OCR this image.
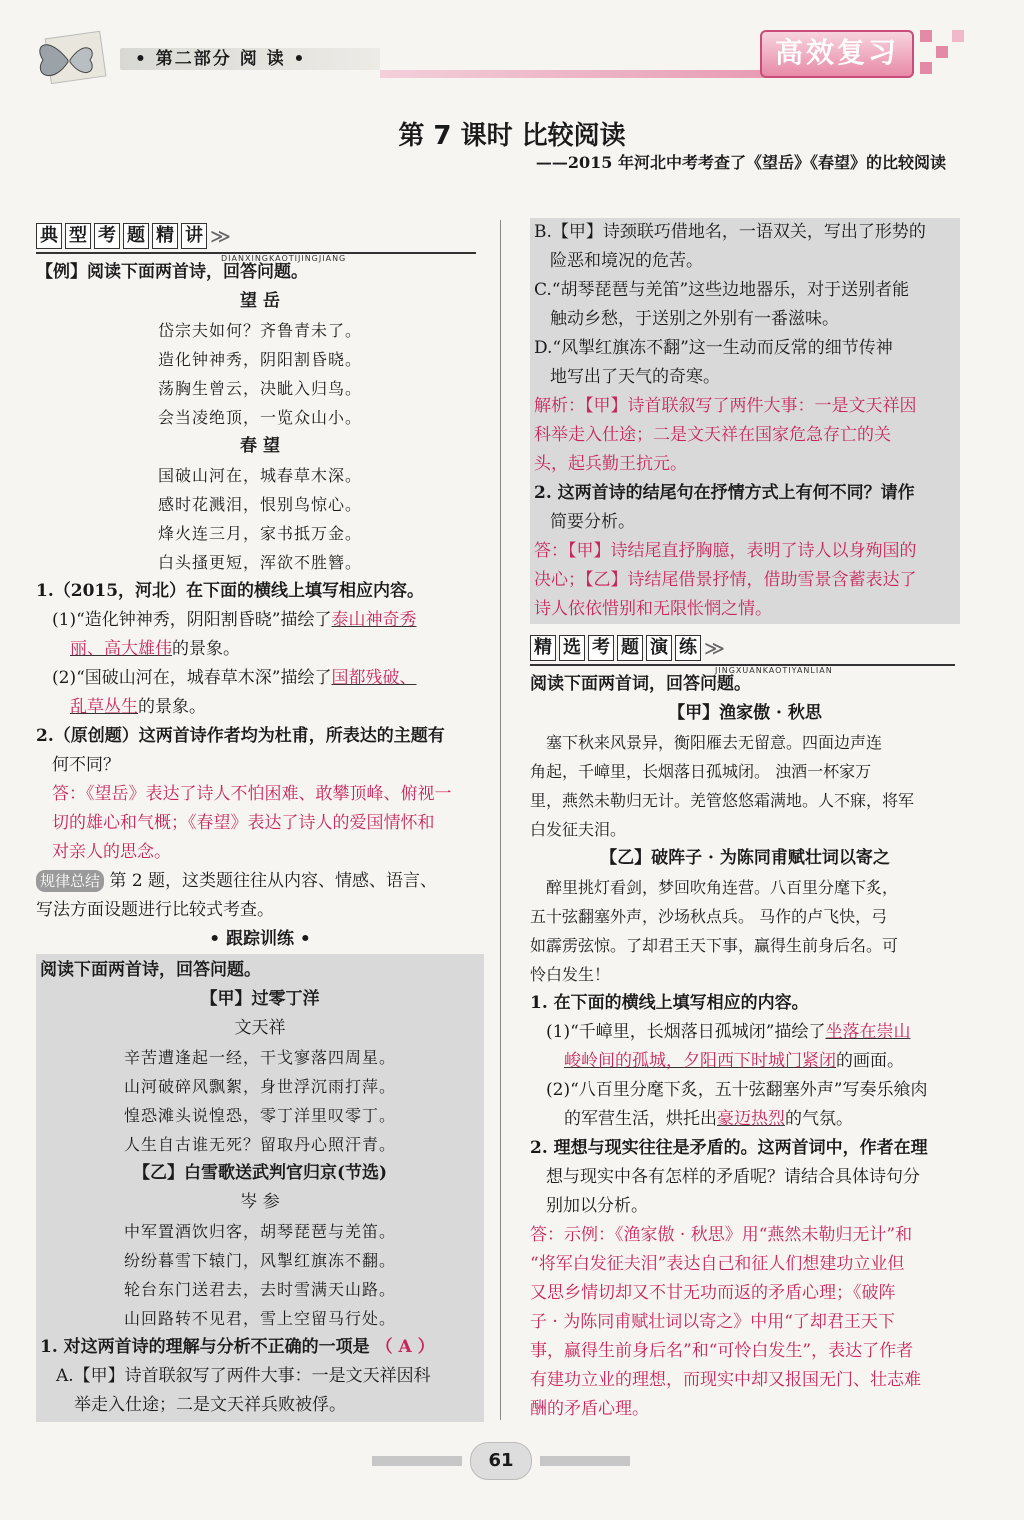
• 第二部分 阅 读 •	高效复习
第 7 课时 比较阅读
——2015 年河北中考考查了《望岳》《春望》的比较阅读
典 型 考 题 精 讲 ≫
DIANXINGKAOTIJINGJIANG

【例】阅读下面两首诗，回答问题。

望 岳

岱宗夫如何？齐鲁青未了。

造化钟神秀，阴阳割昏晓。

荡胸生曾云，决眦入归鸟。

会当凌绝顶，一览众山小。

春 望

国破山河在，城春草木深。

感时花溅泪，恨别鸟惊心。

烽火连三月，家书抵万金。

白头搔更短，浑欲不胜簪。

1.（2015，河北）在下面的横线上填写相应内容。

(1)“造化钟神秀，阴阳割昏晓”描绘了泰山神奇秀

丽、高大雄伟的景象。

(2)“国破山河在，城春草木深”描绘了国都残破、

乱草丛生的景象。

2.（原创题）这两首诗作者均为杜甫，所表达的主题有

何不同？

答：《望岳》表达了诗人不怕困难、敢攀顶峰、俯视一

切的雄心和气概；《春望》表达了诗人的爱国情怀和

对亲人的思念。

规律总结 第 2 题，这类题往往从内容、情感、语言、

写法方面设题进行比较式考查。

• 跟踪训练 •

阅读下面两首诗，回答问题。

【甲】过零丁洋

文天祥

辛苦遭逢起一经，干戈寥落四周星。

山河破碎风飘絮，身世浮沉雨打萍。

惶恐滩头说惶恐，零丁洋里叹零丁。

人生自古谁无死？留取丹心照汗青。

【乙】白雪歌送武判官归京(节选)

岑 参

中军置酒饮归客，胡琴琵琶与羌笛。

纷纷暮雪下辕门，风掣红旗冻不翻。

轮台东门送君去，去时雪满天山路。

山回路转不见君，雪上空留马行处。

1. 对这两首诗的理解与分析不正确的一项是 （ A ）

A.【甲】诗首联叙写了两件大事：一是文天祥因科

举走入仕途；二是文天祥兵败被俘。

B.【甲】诗颈联巧借地名，一语双关，写出了形势的

险恶和境况的危苦。

C.“胡琴琵琶与羌笛”这些边地器乐，对于送别者能

触动乡愁，于送别之外别有一番滋味。

D.“风掣红旗冻不翻”这一生动而反常的细节传神

地写出了天气的奇寒。

解析：【甲】诗首联叙写了两件大事：一是文天祥因

科举走入仕途；二是文天祥在国家危急存亡的关

头，起兵勤王抗元。

2. 这两首诗的结尾句在抒情方式上有何不同？请作

简要分析。

答：【甲】诗结尾直抒胸臆，表明了诗人以身殉国的

决心；【乙】诗结尾借景抒情，借助雪景含蓄表达了

诗人依依惜别和无限怅惘之情。

精 选 考 题 演 练 ≫
JINGXUANKAOTIYANLIAN

阅读下面两首词，回答问题。

【甲】渔家傲 · 秋思

塞下秋来风景异，衡阳雁去无留意。四面边声连

角起，千嶂里，长烟落日孤城闭。 浊酒一杯家万

里，燕然未勒归无计。羌管悠悠霜满地。人不寐，将军

白发征夫泪。

【乙】破阵子 · 为陈同甫赋壮词以寄之

醉里挑灯看剑，梦回吹角连营。八百里分麾下炙，

五十弦翻塞外声，沙场秋点兵。 马作的卢飞快，弓

如霹雳弦惊。了却君王天下事，赢得生前身后名。可

怜白发生！

1. 在下面的横线上填写相应的内容。

(1)“千嶂里，长烟落日孤城闭”描绘了坐落在崇山

峻岭间的孤城，夕阳西下时城门紧闭的画面。

(2)“八百里分麾下炙，五十弦翻塞外声”写奏乐飨肉

的军营生活，烘托出豪迈热烈的气氛。

2. 理想与现实往往是矛盾的。这两首词中，作者在理

想与现实中各有怎样的矛盾呢？请结合具体诗句分

别加以分析。

答：示例：《渔家傲 · 秋思》用“燕然未勒归无计”和

“将军白发征夫泪”表达自己和征人们想建功立业但

又思乡情切却又不甘无功而返的矛盾心理；《破阵

子 · 为陈同甫赋壮词以寄之》中用“了却君王天下

事，赢得生前身后名”和“可怜白发生”，表达了作者

有建功立业的理想，而现实中却又报国无门、壮志难

酬的矛盾心理。

61
